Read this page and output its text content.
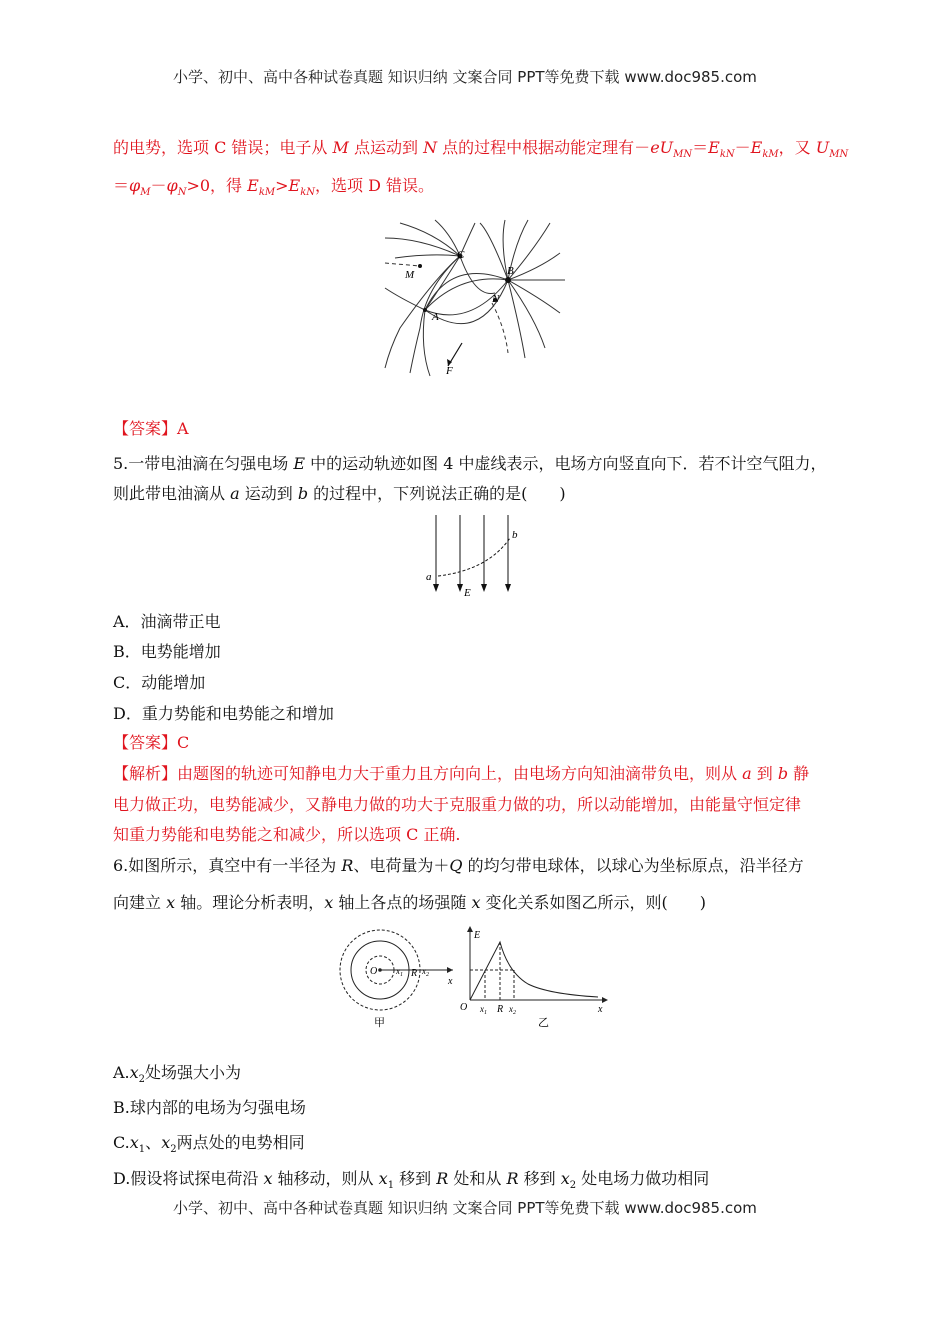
小学、初中、高中各种试卷真题 知识归纳 文案合同 PPT等免费下载 www.doc985.com
的电势，选项 C 错误；电子从 M 点运动到 N 点的过程中根据动能定理有$-eU_{MN}=E_{kN}-E_{kM}$，又 $U_{MN}$
$=\varphi_M-\varphi_N>0$，得 $E_{kM}>E_{kN}$，选项 D 错误。
C
B
M
N
A
F
【答案】A
5.一带电油滴在匀强电场 E 中的运动轨迹如图 4 中虚线表示，电场方向竖直向下．若不计空气阻力，
则此带电油滴从 a 运动到 b 的过程中，下列说法正确的是(　　)
a
b
E
A．油滴带正电
B．电势能增加
C．动能增加
D．重力势能和电势能之和增加
【答案】C
【解析】由题图的轨迹可知静电力大于重力且方向向上，由电场方向知油滴带负电，则从 a 到 b 静
电力做正功，电势能减少，又静电力做的功大于克服重力做的功，所以动能增加，由能量守恒定律
知重力势能和电势能之和减少，所以选项 C 正确.
6.如图所示，真空中有一半径为 R、电荷量为＋Q 的均匀带电球体，以球心为坐标原点，沿半径方
向建立 x 轴。理论分析表明，x 轴上各点的场强随 x 变化关系如图乙所示，则(　　)
O $x_1$ R $x_2$
x
甲
E
O $x_1$ R $x_2$	x
乙
$A.x_2$处场强大小为
B.球内部的电场为匀强电场
$C.x_1$、$x_2$两点处的电势相同
D.假设将试探电荷沿 x 轴移动，则从 $x_1$ 移到 R 处和从 R 移到 $x_2$ 处电场力做功相同
小学、初中、高中各种试卷真题 知识归纳 文案合同 PPT等免费下载 www.doc985.com
